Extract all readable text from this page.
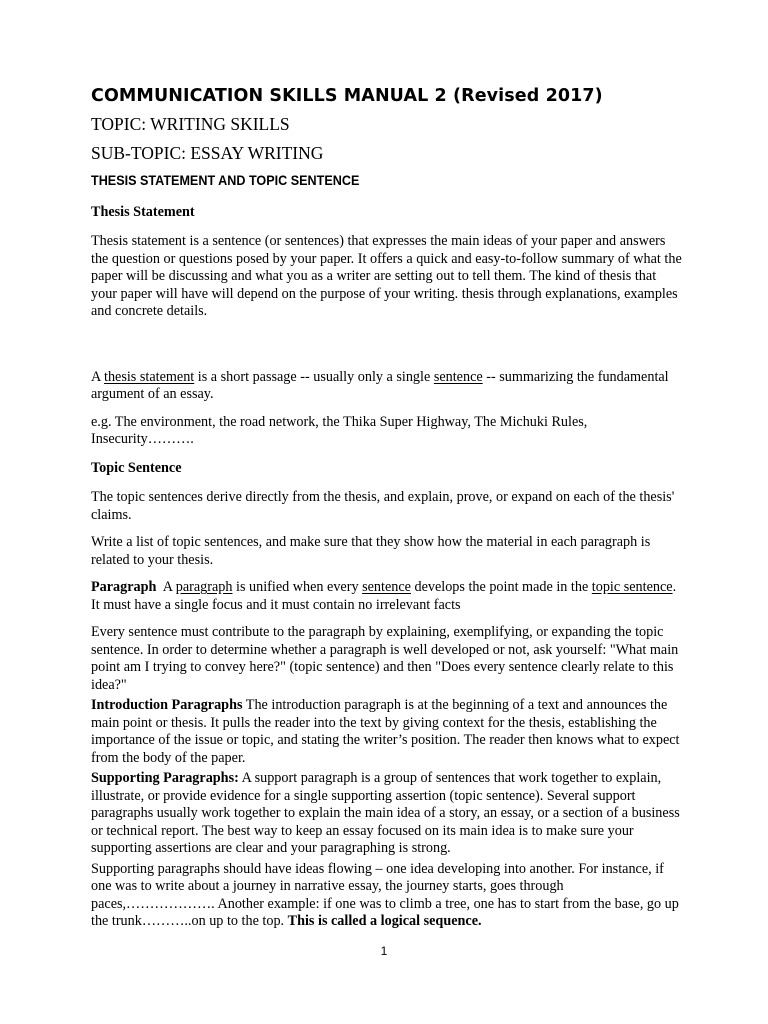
COMMUNICATION SKILLS MANUAL 2 (Revised 2017)
TOPIC: WRITING SKILLS
SUB-TOPIC: ESSAY WRITING
THESIS STATEMENT AND TOPIC SENTENCE
Thesis Statement

Thesis statement is a sentence (or sentences) that expresses the main ideas of your paper and answers the question or questions posed by your paper. It offers a quick and easy-to-follow summary of what the paper will be discussing and what you as a writer are setting out to tell them. The kind of thesis that your paper will have will depend on the purpose of your writing. thesis through explanations, examples and concrete details.

A thesis statement is a short passage -- usually only a single sentence -- summarizing the fundamental argument of an essay.

e.g. The environment, the road network, the Thika Super Highway, The Michuki Rules, Insecurity……….

Topic Sentence

The topic sentences derive directly from the thesis, and explain, prove, or expand on each of the thesis' claims.

Write a list of topic sentences, and make sure that they show how the material in each paragraph is related to your thesis.

Paragraph  A paragraph is unified when every sentence develops the point made in the topic sentence. It must have a single focus and it must contain no irrelevant facts

Every sentence must contribute to the paragraph by explaining, exemplifying, or expanding the topic sentence. In order to determine whether a paragraph is well developed or not, ask yourself: "What main point am I trying to convey here?" (topic sentence) and then "Does every sentence clearly relate to this idea?"

Introduction Paragraphs The introduction paragraph is at the beginning of a text and announces the main point or thesis. It pulls the reader into the text by giving context for the thesis, establishing the importance of the issue or topic, and stating the writer’s position. The reader then knows what to expect from the body of the paper.

Supporting Paragraphs: A support paragraph is a group of sentences that work together to explain, illustrate, or provide evidence for a single supporting assertion (topic sentence). Several support paragraphs usually work together to explain the main idea of a story, an essay, or a section of a business or technical report. The best way to keep an essay focused on its main idea is to make sure your supporting assertions are clear and your paragraphing is strong.

Supporting paragraphs should have ideas flowing – one idea developing into another. For instance, if one was to write about a journey in narrative essay, the journey starts, goes through paces,………………. Another example: if one was to climb a tree, one has to start from the base, go up the trunk………..on up to the top. This is called a logical sequence.

1
